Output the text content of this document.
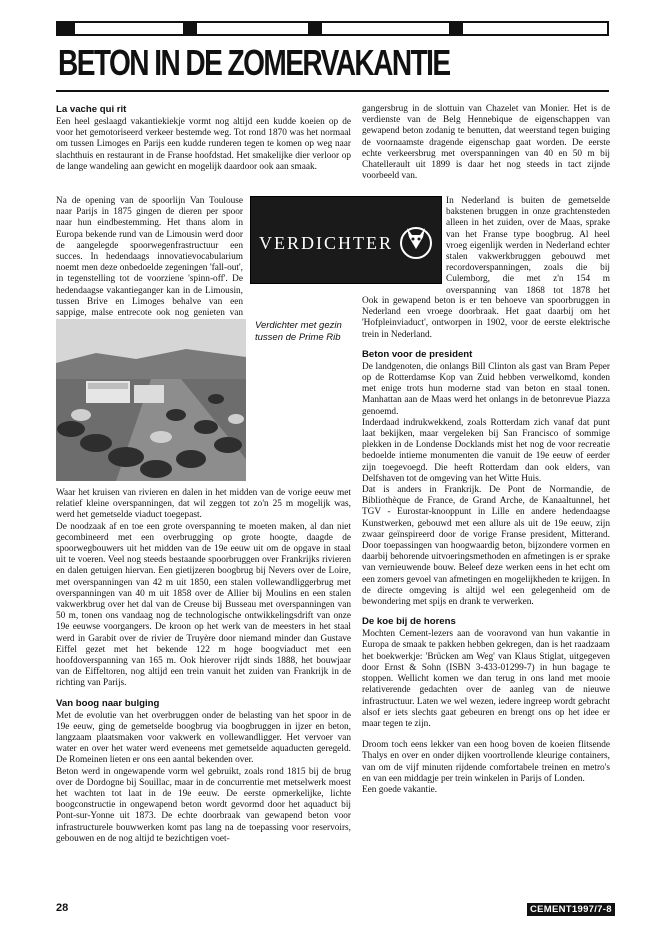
BETON IN DE ZOMERVAKANTIE
La vache qui rit

Een heel geslaagd vakantiekiekje vormt nog altijd een kudde koeien op de voor het gemotoriseerd verkeer bestemde weg. Tot rond 1870 was het normaal om tussen Limoges en Parijs een kudde runderen tegen te komen op weg naar slachthuis en restaurant in de Franse hoofdstad. Het smakelijke dier verloor op de lange wandeling aan gewicht en mogelijk daardoor ook aan smaak.

Na de opening van de spoorlijn Van Toulouse naar Parijs in 1875 gingen de dieren per spoor naar hun eindbestemming. Het thans alom in Europa bekende rund van de Limousin werd door de aangelegde spoorwegenfrastructuur een succes. In hedendaags innovatievocabularium noemt men deze onbedoelde zegeningen 'fall-out', in tegenstelling tot de voorziene 'spinn-off'. De hedendaagse vakantieganger kan in de Limousin, tussen Brive en Limoges behalve van een sappige, malse entrecote ook nog genieten van

VERDICHTER
Verdichter met gezin tussen de Prime Rib

Waar het kruisen van rivieren en dalen in het midden van de vorige eeuw met relatief kleine overspanningen, dat wil zeggen tot zo'n 25 m mogelijk was, werd het gemetselde viaduct toegepast.

De noodzaak af en toe een grote overspanning te moeten maken, al dan niet gecombineerd met een overbrugging op grote hoogte, daagde de spoorwegbouwers uit het midden van de 19e eeuw uit om de opgave in staal uit te voeren. Veel nog steeds bestaande spoorbruggen over Frankrijks rivieren en dalen getuigen hiervan. Een gietijzeren boogbrug bij Nevers over de Loire, met overspanningen van 42 m uit 1850, een stalen vollewandliggerbrug met overspanningen van 40 m uit 1858 over de Allier bij Moulins en een stalen vakwerkbrug over het dal van de Creuse bij Busseau met overspanningen van 50 m, tonen ons vandaag nog de technologische ontwikkelingsdrift van onze 19e eeuwse voorgangers. De kroon op het werk van de meesters in het staal werd in Garabit over de rivier de Truyère door niemand minder dan Gustave Eiffel gezet met het bekende 122 m hoge boogviaduct met een hoofdoverspanning van 165 m. Ook hierover rijdt sinds 1888, het bouwjaar van de Eiffeltoren, nog altijd een trein vanuit het zuiden van Frankrijk in de richting van Parijs.

Van boog naar bulging

Met de evolutie van het overbruggen onder de belasting van het spoor in de 19e eeuw, ging de gemetselde boogbrug via boogbruggen in ijzer en beton, langzaam plaatsmaken voor vakwerk en vollewandligger. Het vervoer van water en over het water werd eveneens met gemetselde aquaducten geregeld. De Romeinen lieten er ons een aantal bekenden over.

Beton werd in ongewapende vorm wel gebruikt, zoals rond 1815 bij de brug over de Dordogne bij Souillac, maar in de concurrentie met metselwerk moest het wachten tot laat in de 19e eeuw. De eerste opmerkelijke, lichte boogconstructie in ongewapend beton wordt gevormd door het aquaduct bij Pont-sur-Yonne uit 1873. De echte doorbraak van gewapend beton voor infrastructurele bouwwerken komt pas lang na de toepassing voor reservoirs, gebouwen en de nog altijd te bezichtigen voet-

gangersbrug in de slottuin van Chazelet van Monier. Het is de verdienste van de Belg Hennebique de eigenschappen van gewapend beton zodanig te benutten, dat weerstand tegen buiging de voornaamste dragende eigenschap gaat worden. De eerste echte verkeersbrug met overspanningen van 40 en 50 m bij Chatellerault uit 1899 is daar het nog steeds in tact zijnde voorbeeld van.

In Nederland is buiten de gemetselde bakstenen bruggen in onze grachtensteden alleen in het zuiden, over de Maas, sprake van het Franse type boogbrug. Al heel vroeg eigenlijk werden in Nederland echter stalen vakwerkbruggen gebouwd met recordoverspanningen, zoals die bij Culemborg, die met z'n 154 m overspanning van 1868 tot 1878 het

Ook in gewapend beton is er ten behoeve van spoorbruggen in Nederland een vroege doorbraak. Het gaat daarbij om het 'Hofpleinviaduct', ontworpen in 1902, voor de eerste elektrische trein in Nederland.

Beton voor de president

De landgenoten, die onlangs Bill Clinton als gast van Bram Peper op de Rotterdamse Kop van Zuid hebben verwelkomd, konden met enige trots hun moderne stad van beton en staal tonen. Manhattan aan de Maas werd het onlangs in de betonrevue Piazza genoemd.

Inderdaad indrukwekkend, zoals Rotterdam zich vanaf dat punt laat bekijken, maar vergeleken bij San Francisco of sommige plekken in de Londense Docklands mist het nog de voor recreatie bedoelde intieme monumenten die vanuit de 19e eeuw of eerder zijn toegevoegd. Die heeft Rotterdam dan ook elders, van Delfshaven tot de omgeving van het Witte Huis.

Dat is anders in Frankrijk. De Pont de Normandie, de Bibliothèque de France, de Grand Arche, de Kanaaltunnel, het TGV - Eurostar-knooppunt in Lille en andere hedendaagse Kunstwerken, gebouwd met een allure als uit de 19e eeuw, zijn zwaar geïnspireerd door de vorige Franse president, Mitterand. Door toepassingen van hoogwaardig beton, bijzondere vormen en daarbij behorende uitvoeringsmethoden en afmetingen is er sprake van vernieuwende bouw. Beleef deze werken eens in het echt om een zomers gevoel van afmetingen en mogelijkheden te krijgen. In de directe omgeving is altijd wel een gelegenheid om de bewondering met spijs en drank te verwerken.

De koe bij de horens

Mochten Cement-lezers aan de vooravond van hun vakantie in Europa de smaak te pakken hebben gekregen, dan is het raadzaam het boekwerkje: 'Brücken am Weg' van Klaus Stiglat, uitgegeven door Ernst & Sohn (ISBN 3-433-01299-7) in hun bagage te stoppen. Wellicht komen we dan terug in ons land met mooie relativerende gedachten over de aanleg van de nieuwe infrastructuur. Laten we wel wezen, iedere ingreep wordt gebracht alsof er iets slechts gaat gebeuren en brengt ons op het idee er maar tegen te zijn.

Droom toch eens lekker van een hoog boven de koeien flitsende Thalys en over en onder dijken voortrollende kleurige containers, van om de vijf minuten rijdende comfortabele treinen en metro's en van een middagje per trein winkelen in Parijs of Londen.

Een goede vakantie.

28	CEMENT1997/7-8
